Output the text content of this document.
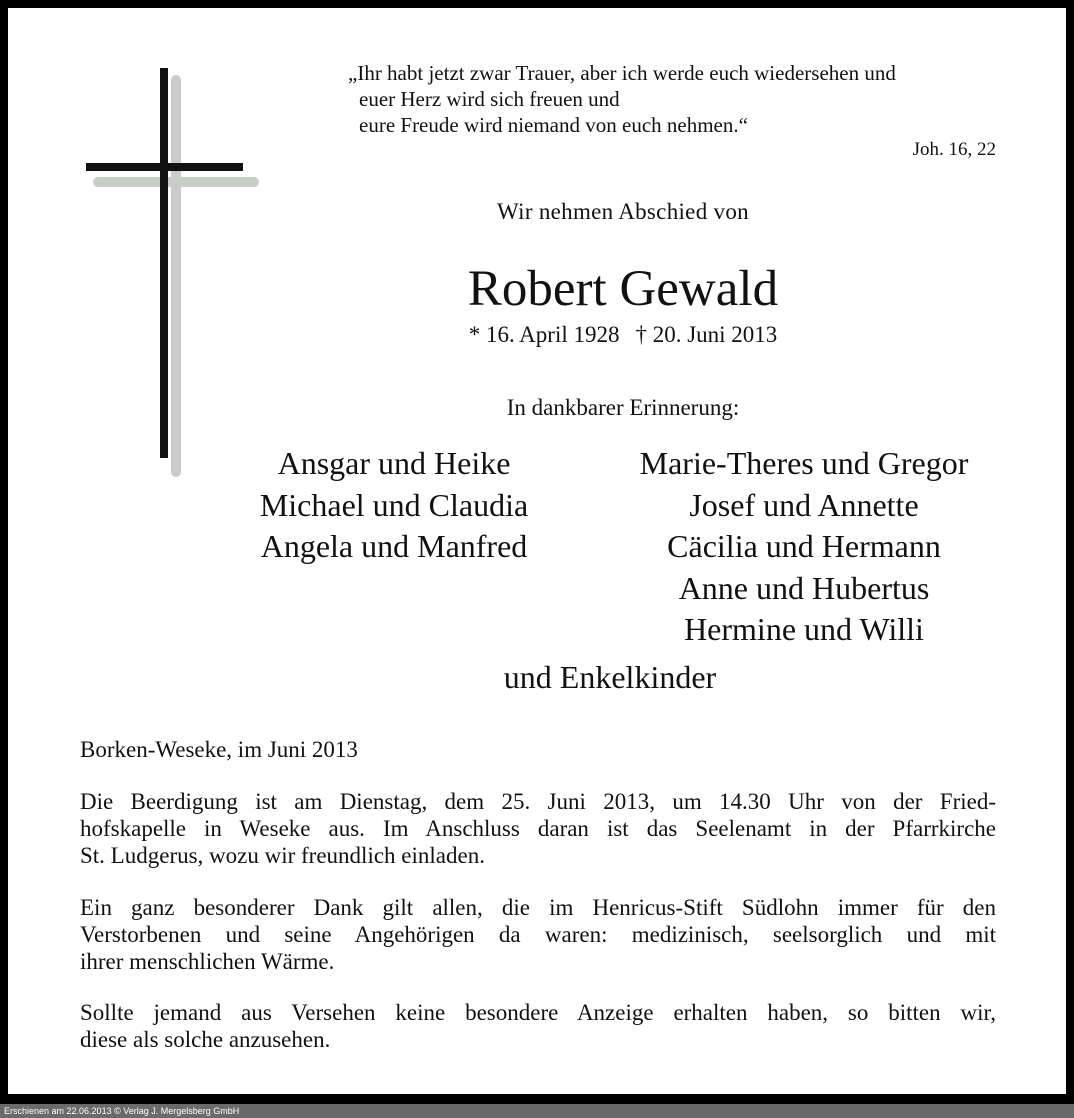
„Ihr habt jetzt zwar Trauer, aber ich werde euch wiedersehen und
euer Herz wird sich freuen und
eure Freude wird niemand von euch nehmen.“
Joh. 16, 22
Wir nehmen Abschied von
Robert Gewald
* 16. April 1928 † 20. Juni 2013
In dankbarer Erinnerung:
Ansgar und Heike
Michael und Claudia
Angela und Manfred
Marie-Theres und Gregor
Josef und Annette
Cäcilia und Hermann
Anne und Hubertus
Hermine und Willi
und Enkelkinder
Borken-Weseke, im Juni 2013
Die Beerdigung ist am Dienstag, dem 25. Juni 2013, um 14.30 Uhr von der Fried-
hofskapelle in Weseke aus. Im Anschluss daran ist das Seelenamt in der Pfarrkirche
St. Ludgerus, wozu wir freundlich einladen.
Ein ganz besonderer Dank gilt allen, die im Henricus-Stift Südlohn immer für den
Verstorbenen und seine Angehörigen da waren: medizinisch, seelsorglich und mit
ihrer menschlichen Wärme.
Sollte jemand aus Versehen keine besondere Anzeige erhalten haben, so bitten wir,
diese als solche anzusehen.
Erschienen am 22.06.2013 © Verlag J. Mergelsberg GmbH
